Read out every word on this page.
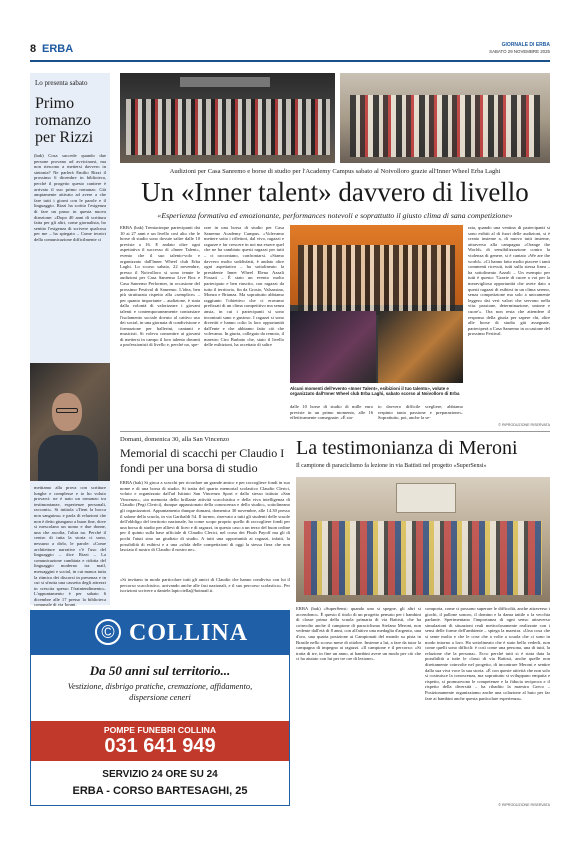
8 ERBA	GIORNALE DI ERBA
SABATO 29 NOVEMBRE 2025
Lo presenta sabato
Primo romanzo per Rizzi
(bak) Cosa succede quando due persone provano ad avvicinarsi, ma non riescono a mettersi davvero in sintonia? Ne parlerà Emilio Rizzi il prossimo 6 dicembre in biblioteca, perché il progetto questo cantiere è arrivato il suo primo romanzo. Già ampiamente attivato ad avere a che fare tutti i giorni con le parole e il linguaggio. Rizzi ha scritto l'esigenza di fare un passo in questa nuova direzione: «Dopo 40 anni di scrittura fatta per gli altri, come giornalista, ho sentito l'esigenza di scrivere qualcosa per me – ha spiegato – Come tecnici della comunicazione difficilmente ci
mettiamo alla prova con scritture lunghe e complesse e io ho voluto provarci: ne è nato un romanzo tra testimonianze, esperienze personali, racconti». Si intitola «Tieni la bocca non sanguina» e parla di relazioni che non è detto giungano a buon fine, dove si mescolano un uomo e due donne, una che ascolta, l'altra no. Perché il centro di tutta la storia ci sono, nessuno a dirlo, le parole: «Come architetture narrative c'è l'uso del linguaggio – dice Rizzi – La comunicazione cambiata e ridotta del linguaggio moderno tra mail, messaggini e social, in cui manca tutta la ritmica dei discorsi in presenza e in cui si sfrutta una cassetta degli attrezzi in crescita spesso l'fraintendimento». L'appuntamento è per sabato 6 dicembre alle 17 presso la biblioteca comunale di via Iorani.
Audizioni per Casa Sanremo e borse di studio per l'Academy Campus sabato al Noivolloro grazie all'Inner Wheel Erba Laghi
Un «Inner talent» davvero di livello
«Esperienza formativa ed emozionante, performances notevoli e soprattutto il giusto clima di sana competizione»
ERBA (bak) Trentacinque partecipanti dai 10 ai 27 anni e un livello così alto che le borse di studio sono dovute salire dalle 10 previste a 16. E andato oltre ogni aspettativa il successo di «Inner Talent», evento che il suo talento-volo e organizzato dall'Inner Wheel club Erba Laghi. Lo scorso sabato, 22 novembre, presso il Noivolloro si sono tenute le audizioni per Casa Sanremo Live Box e Casa Sanremo Performer, in occasione del prossimo Festival di Sanremo. L'idea, ben più strutturata rispetto alla «semplice» – per quanto importante – audizione, è stata dalla volontà di valorizzare i giovani talenti e contemporaneamente contrastare l'isolamento sociale dovuto al cattivo uso dei social, in una giornata di condivisione e formazione per ballerini, cantanti e musicisti. Si voleva consentire ai giovani di mettersi in campo il loro talento davanti a professionisti di livello e, perché no, spe-
rare in una borsa di studio per Casa Sanremo Academy Campus. «Volevamo mettere sotto i riflettori, dal vivo, ragazzi e ragazze e far crescere in noi ma essere quel che ne ha cambiato questi ragazzi per tutti – ci raccontano, confrontarsi. «Siamo davvero molto soddisfatti, è andato oltre ogni aspettativa – ha sottolineato la presidente Inner Wheel Elena Azzali Fossati – È stato un evento molto partecipato e ben riuscito, con ragazzi da tutto il territorio, fin da Grosio, Valsassina, Monza e Brianza. Ma soprattutto abbiamo raggiunto l'obiettivo che ci eravamo prefissati di un clima competitivo ma senza ansia, in cui i partecipanti si sono incontrati sano e gustoso. I ragazzi si sono divertiti e hanno colto la loro opportunità dall'ente e che abbiamo fatto ciò che volevamo. In giuria, collegato da remoto, il maestro Ciro Barbato che, stato il livello delle esibizioni, ha accettato di salire
Alcuni momenti dell'evento «Inner Talent», esibizioni il tuo talento», volute e organizzato dall'Inner Wheel club Erba Laghi, sabato scorso al Noivolloro di Erba
dalle 10 borse di studio di mille euro previste in un primo momento, alle 16 effettivamente consegnate: «È sta-
to davvero difficile scegliere, abbiamo respinto tanta passione e preparazione». Soprattutto, poi, anche la se-
rata, quando una ventina di partecipanti si sono esibiti al di fuori delle audizioni, si è creato insieme a, di nuovo tutti insieme, attraverso alla campagna «Orange the World» di sensibilizzazione contro la violenza di genere, si è cantato «We are the world». «Ci hanno fatto molto piacere i tanti commenti ricevuti, tutti sulla stessa linea – ha sottolineato Azzali – Un esempio per tutti è questo: 'Grazie di cuore a voi per la meravigliosa opportunità che avete dato a questi ragazzi di esibirsi in un clima sereno, senza competizione ma solo a unicamente leggero dai veri valori che servono nella vita: passione, determinazione, unione e cuore'». Ora non resta che attendere il responso della giuria per sapere chi, oltre alle borse di studio già assegnate, parteciperà a Casa Sanremo in occasione del prossimo Festival.
© RIPRODUZIONE RISERVATA
Domani, domenica 30, alla San Vincenzo
Memorial di scacchi per Claudio I fondi per una borsa di studio
ERBA (bak) Si gioca a scacchi per ricordare un grande amico e per raccogliere fondi in suo nome e di una borsa di studio. Si tratta del quarto memorial scolastico Claudio Clerici, voluto e organizzato dall'ad Istituto San Vincenzo Sport e dallo stesso istituto «San Vincenzo», «in memoria dello brillante attività scacchistica e della viva intelligenza di Claudio (Pegi Clerici), dunque appassionato della conoscenza e dello studio», sottolineano gli organizzatori. Appuntamento dunque domani, domenica 30 novembre, alle 14.30 presso il salone della scuola, in via Garibaldi 54. Il torneo, riservato a tutti gli studenti delle scuole dell'obbligo del territorio nazionale, ha come scopo proprio quello di raccogliere fondi per una borsa di studio per allievi di liceo e di ragazzi, in questo caso a un terzo del buon ordine per il quinto sulla base ufficiale di Claudio Clerici, nel corso dei Flush Payoff ma gli di pochi l'aiuti sino un giudizio di studio. A tutti una opportunità ai ragazzi, infatti, la possibilità di esibirsi e a una «sfida delle competizioni di oggi la stessa fiera che non lasciata il nostro di Claudio il nostro ne».
«Si invitano in modo particolare tutti gli amici di Claudio che hanno condiviso con lui il percorso scacchistico, arrivando anche alle fasi nazionali, e il suo percorso scolastico». Per iscrizioni scrivere a daniele.lapicciella@hotmail.it.
La testimonianza di Meroni
Il campione di paraciclismo fa lezione in via Battisti nel progetto «SuperSensi»
ERBA (bak) «SuperSensi: quando uno si spegne, gli altri si accendono». È questo il titolo di un progetto pensato per i bambini di classe prima della scuola primaria di via Battisti, che ha coinvolto anche il campione di paraciclismo Stefano Meroni, non vedente dall'età di 8 anni, con all'attivo una medaglia d'argento, una d'oro, una quarta posizione ai Campionati del mondo su pista in Brasile nello scorso mese di ottobre. Insieme a lui, a fare da tutor la campagna di impegno ai ragazzi. «Il campione e il percorso: «Si tratta di tre, in fine un anno, ai bambini avere un modo per ciò che ci ha aiutato con lui per tre ore di lezione».
comporta, come ci possono superare le difficoltà, anche attraverso i giochi, il pallone sonoro, il domino e la dama tattile o la vecchia parlante. Sperimentano l'importanza di ogni senso attraverso simulazioni di situazioni reali meticolosamente realizzate con i sensi delle forme dell'ambiente – spiega la maestra. «Una cosa che si sente molto e che le cose che a volte a scuola che ci sono in modo intorno a loro. Ha sottolineato che è stato bello vederli, non come quelli sono difficili: è così come una persona, una di tutti, la relazione che la persona». Ecco perché tutti si è stata data la possibilità a tutte le classi di via Battisti, anche quelle non direttamente coinvolte nel progetto, di incontrare Meroni e sentire dalla sua viva voce la sua storia. «È con queste attività che non solo si costruisce la conoscenza, ma soprattutto si sviluppano empatia e rispetto, si promuovono le competenze e la fiducia reciproca e il rispetto della diversità – ha ribadito la maestra Greco – Posizionamente organizziamo anche una colazione al buio per far fare ai bambini anche questa particolare esperienza».
© RIPRODUZIONE RISERVATA
© COLLINA
Da 50 anni sul territorio...
Vestizione, disbrigo pratiche, cremazione, affidamento, dispersione ceneri
POMPE FUNEBRI COLLINA
031 641 949
SERVIZIO 24 ORE SU 24
ERBA - CORSO BARTESAGHI, 25
